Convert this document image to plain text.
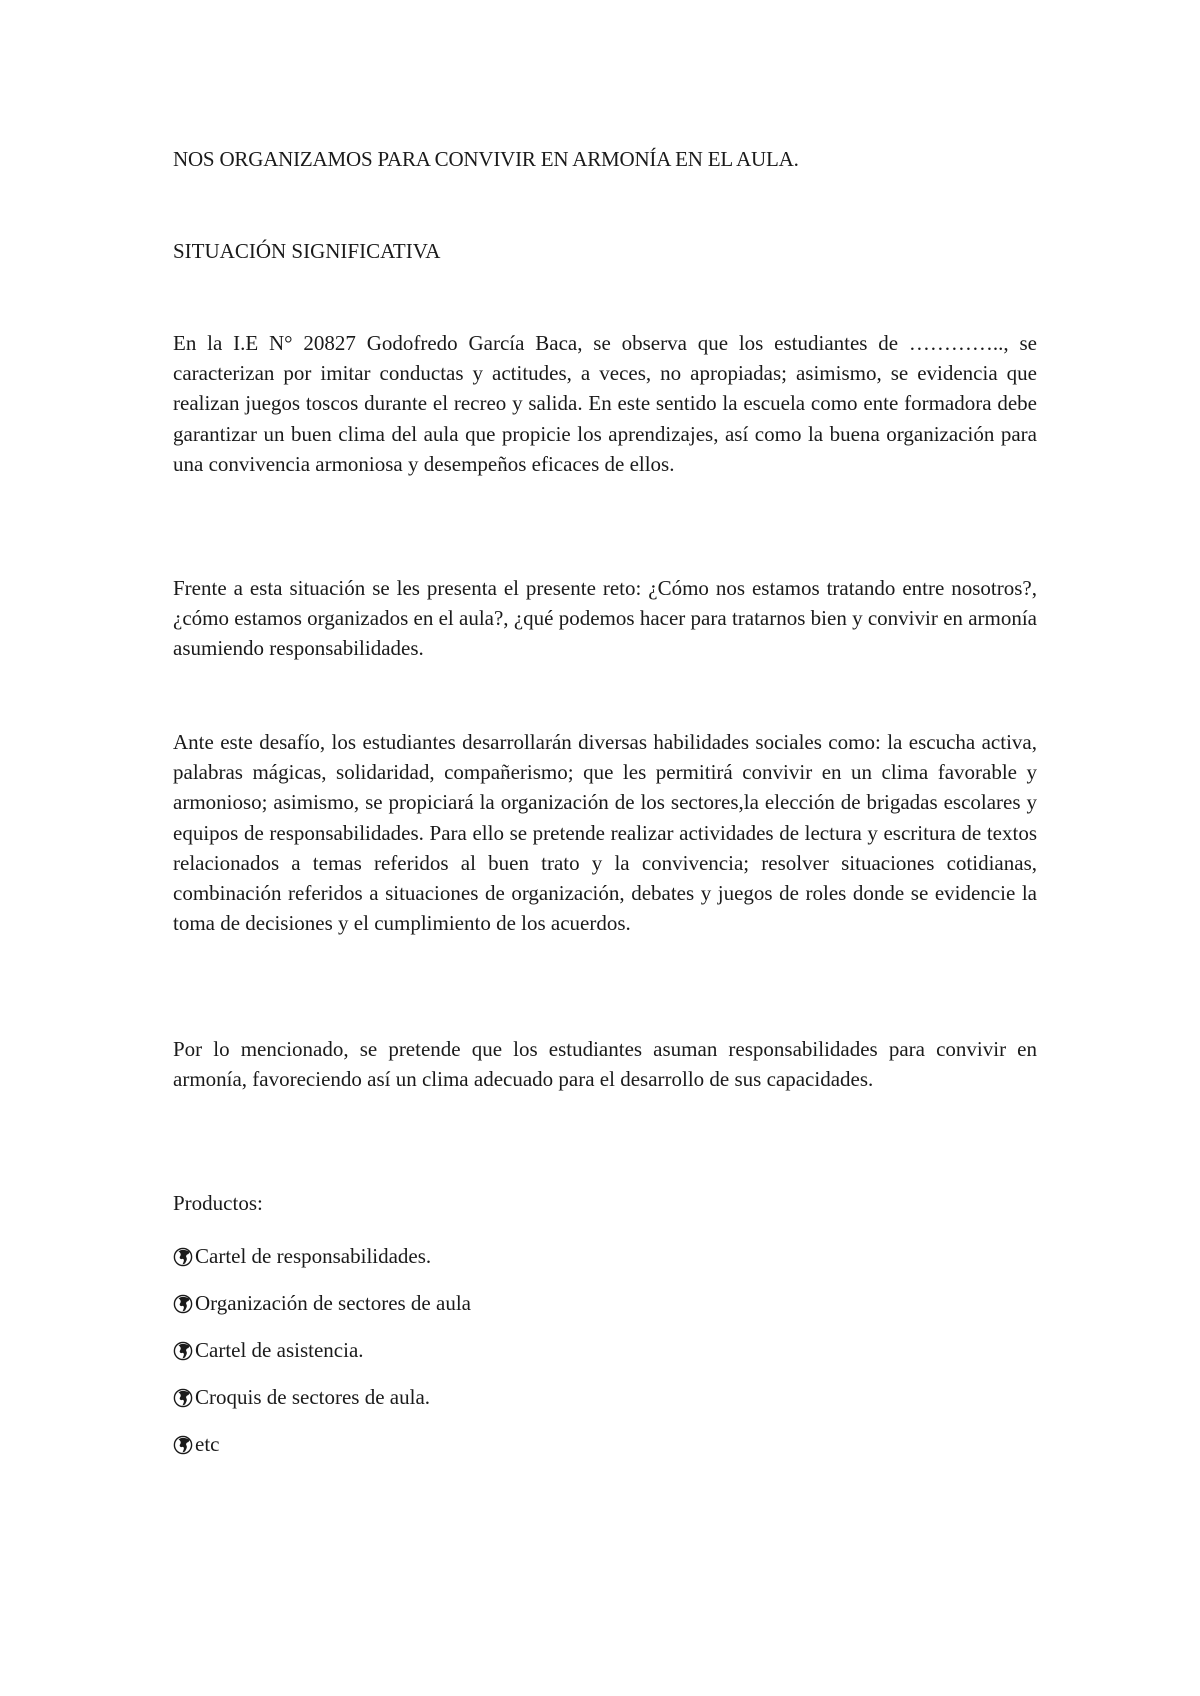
NOS ORGANIZAMOS PARA CONVIVIR EN ARMONÍA EN EL AULA.
SITUACIÓN SIGNIFICATIVA

En la I.E N° 20827 Godofredo García Baca, se observa que los estudiantes de ………….., se caracterizan por imitar conductas y actitudes, a veces, no apropiadas; asimismo, se evidencia que realizan juegos toscos durante el recreo y salida. En este sentido la escuela como ente formadora debe garantizar un buen clima del aula que propicie los aprendizajes, así como la buena organización para una convivencia armoniosa y desempeños eficaces de ellos.

Frente a esta situación se les presenta el presente reto: ¿Cómo nos estamos tratando entre nosotros?, ¿cómo estamos organizados en el aula?, ¿qué podemos hacer para tratarnos bien y convivir en armonía asumiendo responsabilidades.

Ante este desafío, los estudiantes desarrollarán diversas habilidades sociales como: la escucha activa, palabras mágicas, solidaridad, compañerismo; que les permitirá convivir en un clima favorable y armonioso; asimismo, se propiciará la organización de los sectores,la elección de brigadas escolares y equipos de responsabilidades. Para ello se pretende realizar actividades de lectura y escritura de textos relacionados a temas referidos al buen trato y la convivencia; resolver situaciones cotidianas, combinación referidos a situaciones de organización, debates y juegos de roles donde se evidencie la toma de decisiones y el cumplimiento de los acuerdos.

Por lo mencionado, se pretende que los estudiantes asuman responsabilidades para convivir en armonía, favoreciendo así un clima adecuado para el desarrollo de sus capacidades.

Productos:
Cartel de responsabilidades.
Organización de sectores de aula
Cartel de asistencia.
Croquis de sectores de aula.
etc
